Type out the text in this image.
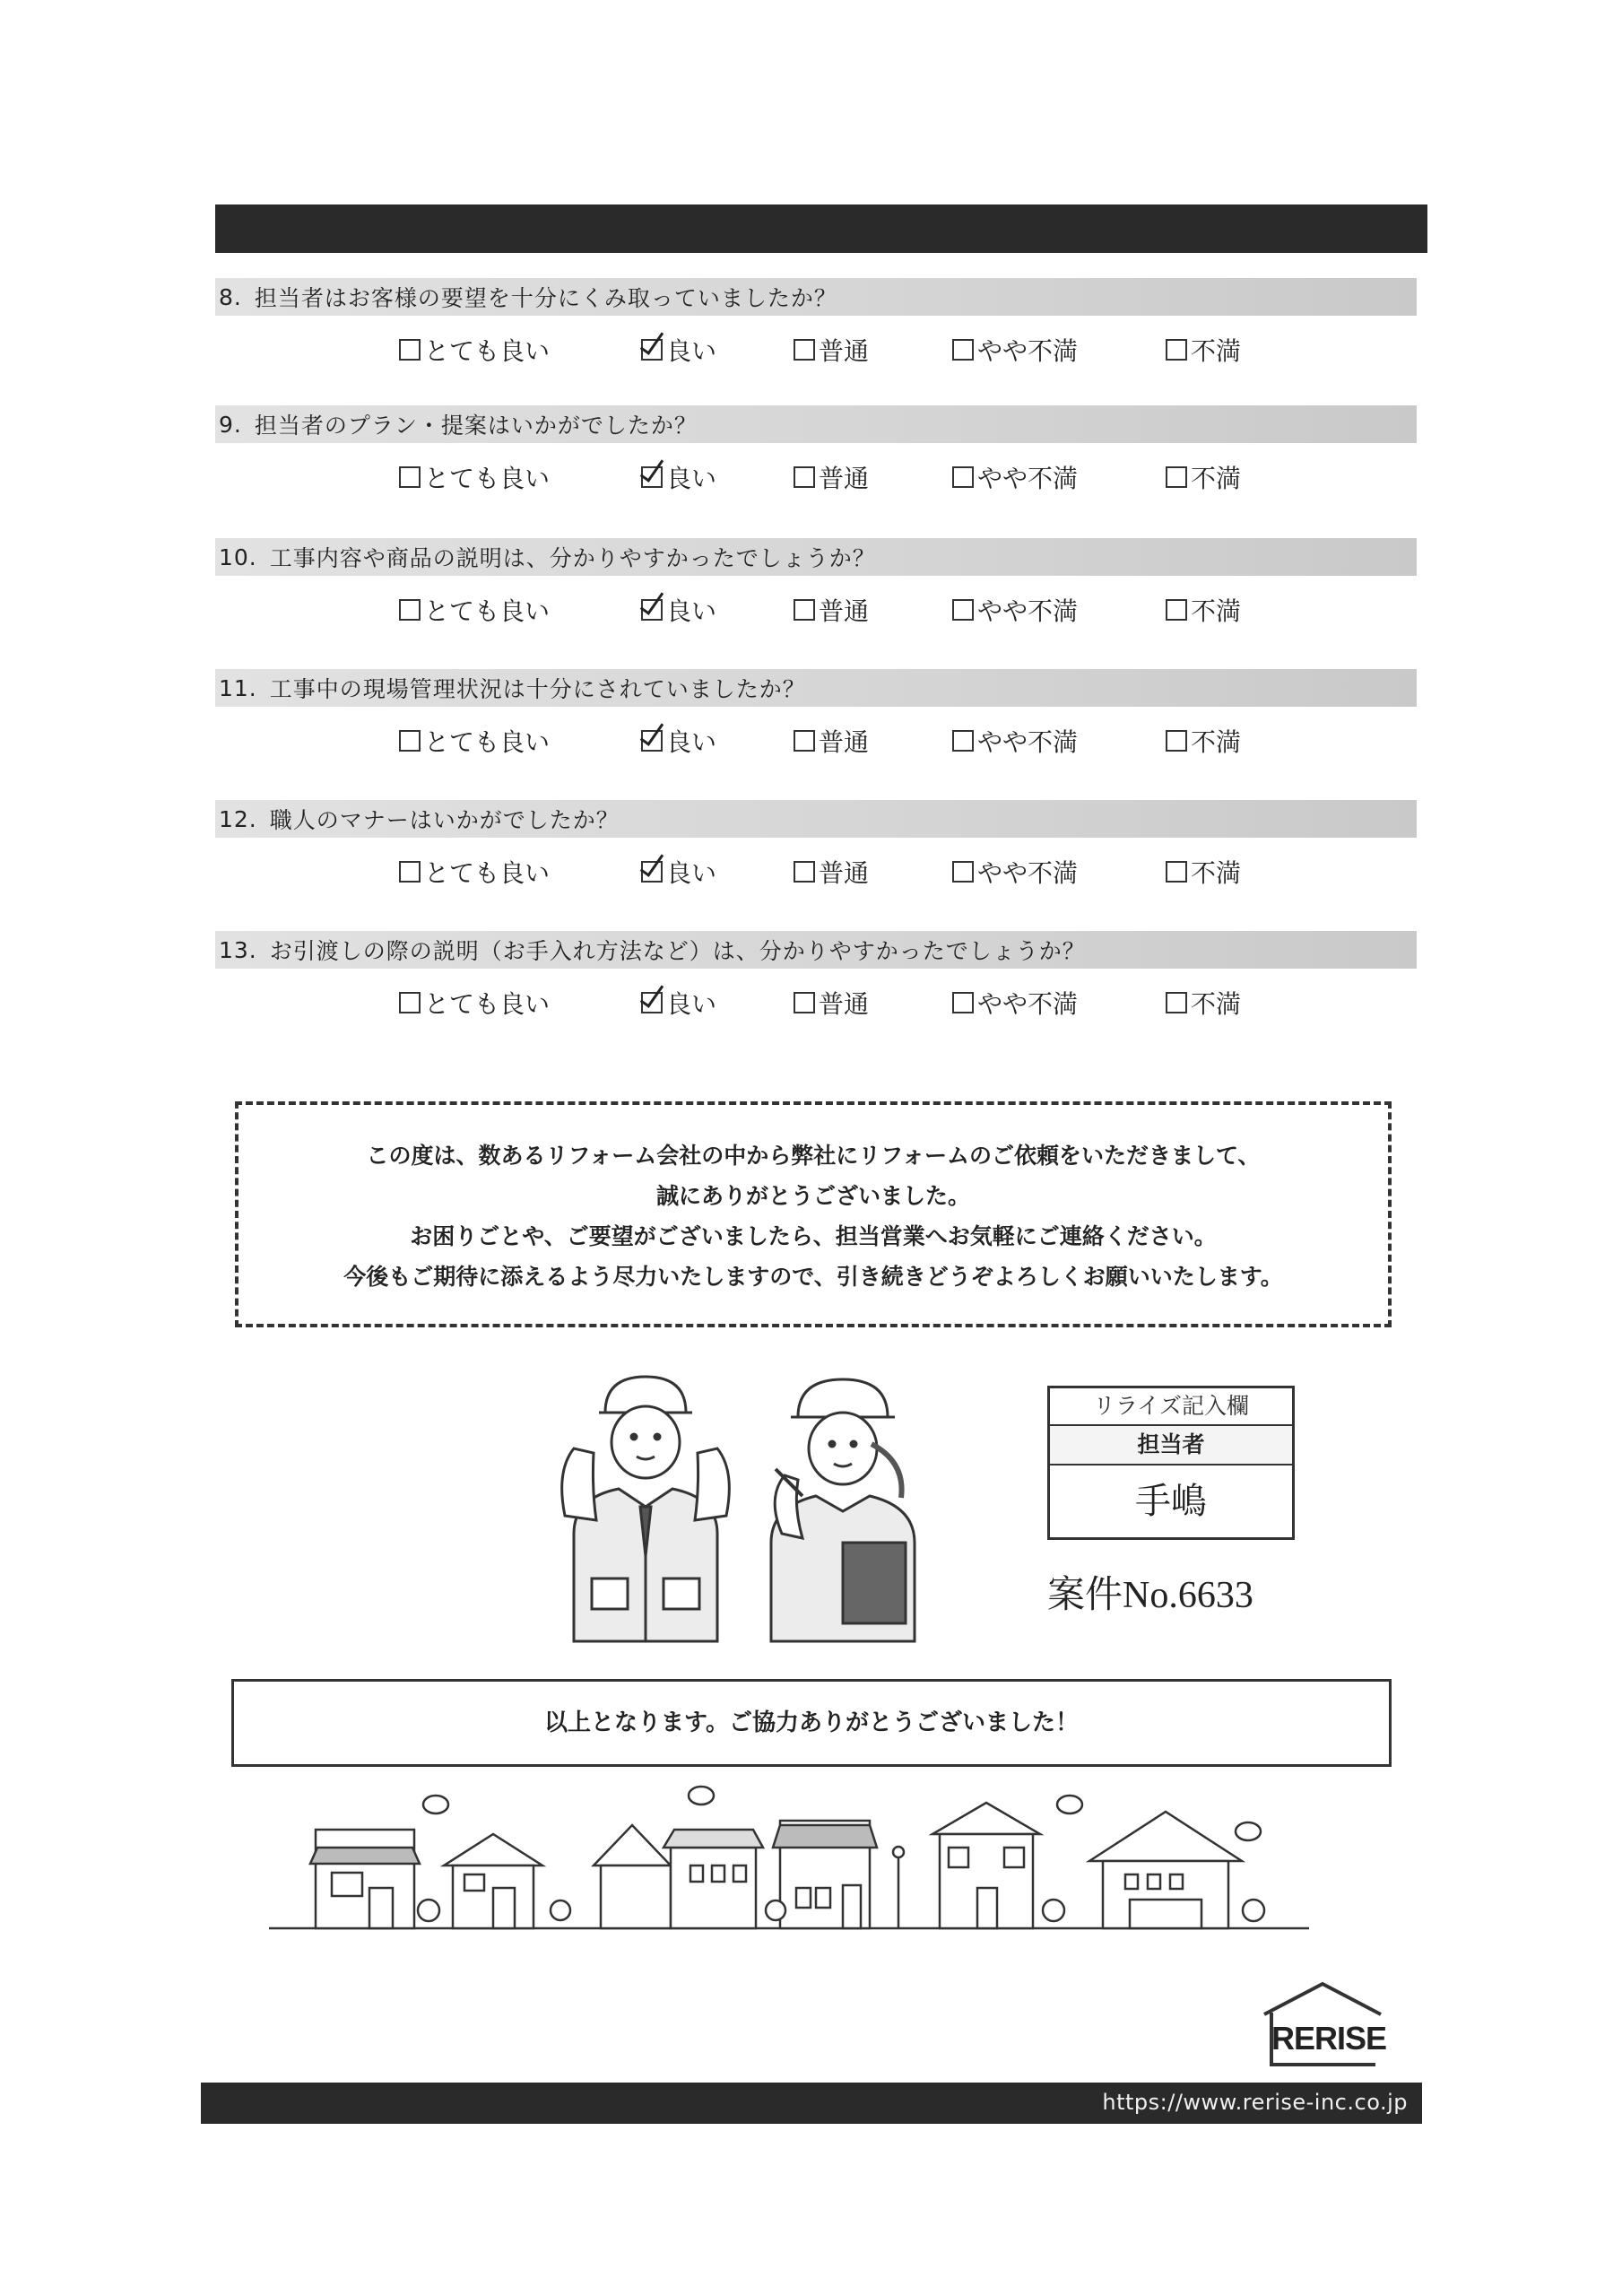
8. 担当者はお客様の要望を十分にくみ取っていましたか？
とても良い	良い	普通	やや不満	不満
9. 担当者のプラン・提案はいかがでしたか？
とても良い	良い	普通	やや不満	不満
10. 工事内容や商品の説明は、分かりやすかったでしょうか？
とても良い	良い	普通	やや不満	不満
11. 工事中の現場管理状況は十分にされていましたか？
とても良い	良い	普通	やや不満	不満
12. 職人のマナーはいかがでしたか？
とても良い	良い	普通	やや不満	不満
13. お引渡しの際の説明（お手入れ方法など）は、分かりやすかったでしょうか？
とても良い	良い	普通	やや不満	不満
この度は、数あるリフォーム会社の中から弊社にリフォームのご依頼をいただきまして、
誠にありがとうございました。
お困りごとや、ご要望がございましたら、担当営業へお気軽にご連絡ください。
今後もご期待に添えるよう尽力いたしますので、引き続きどうぞよろしくお願いいたします。
リライズ記入欄
担当者
手嶋
案件No.6633
以上となります。ご協力ありがとうございました！
RERISE
https://www.rerise-inc.co.jp
